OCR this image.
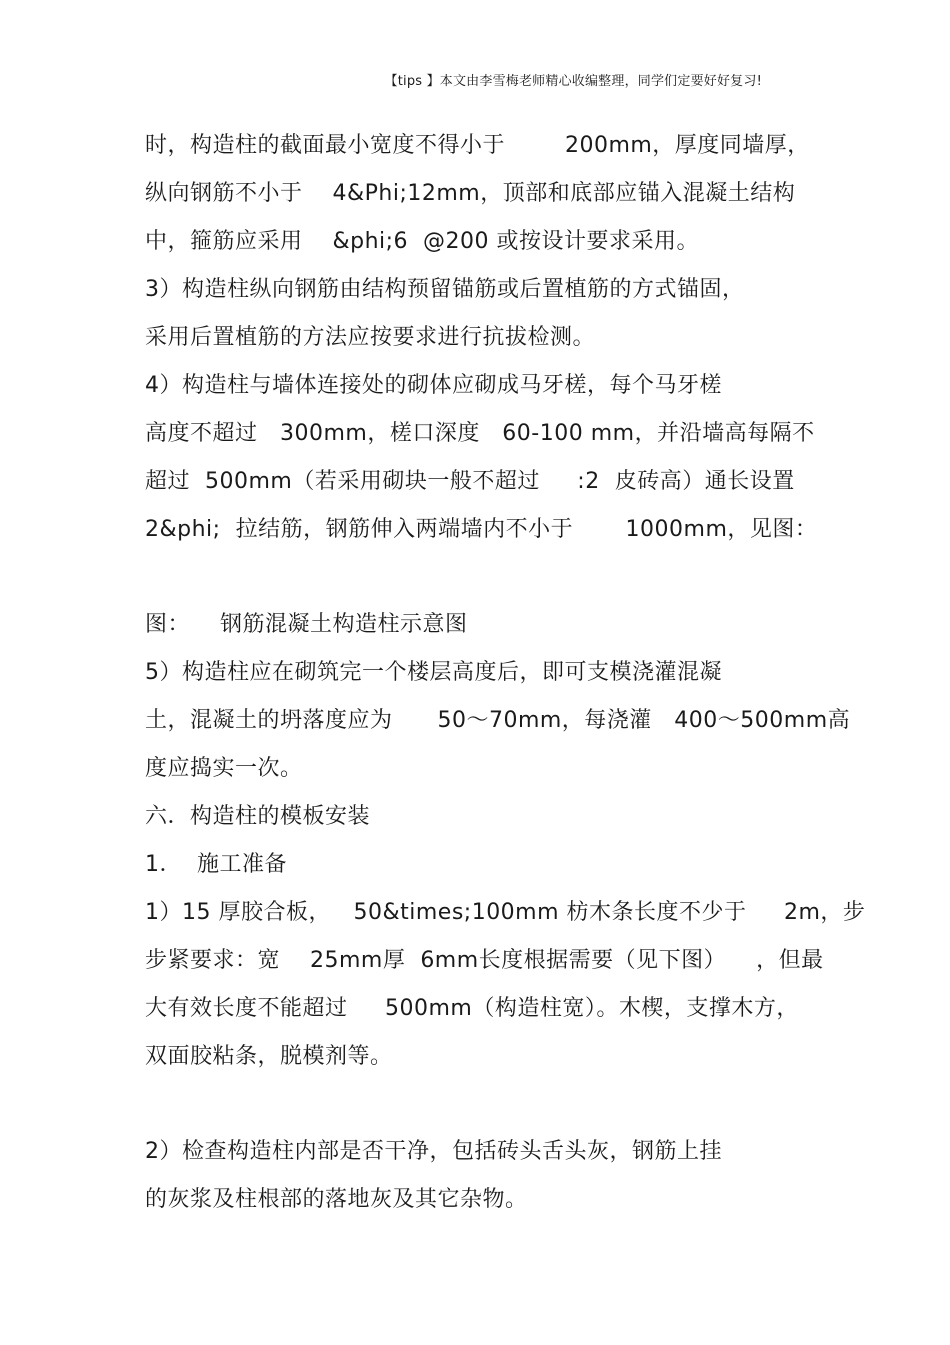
【tips 】本文由李雪梅老师精心收编整理，同学们定要好好复习!
时，构造柱的截面最小宽度不得小于        200mm，厚度同墙厚，
纵向钢筋不小于    4&Phi;12mm，顶部和底部应锚入混凝土结构
中，箍筋应采用    &phi;6  @200 或按设计要求采用。
3）构造柱纵向钢筋由结构预留锚筋或后置植筋的方式锚固，
采用后置植筋的方法应按要求进行抗拔检测。
4）构造柱与墙体连接处的砌体应砌成马牙槎，每个马牙槎
高度不超过   300mm，槎口深度   60-100 mm，并沿墙高每隔不
超过  500mm（若采用砌块一般不超过     :2  皮砖高）通长设置
2&phi;  拉结筋，钢筋伸入两端墙内不小于       1000mm，见图：
图：    钢筋混凝土构造柱示意图
5）构造柱应在砌筑完一个楼层高度后，即可支模浇灌混凝
土，混凝土的坍落度应为      50～70mm，每浇灌   400～500mm高
度应捣实一次。
六．构造柱的模板安装
1．  施工准备
1）15 厚胶合板，   50&times;100mm 枋木条长度不少于     2m，步
步紧要求：宽    25mm厚  6mm长度根据需要（见下图）    ，但最
大有效长度不能超过     500mm（构造柱宽）。木楔，支撑木方，
双面胶粘条，脱模剂等。
2）检查构造柱内部是否干净，包括砖头舌头灰，钢筋上挂
的灰浆及柱根部的落地灰及其它杂物。
